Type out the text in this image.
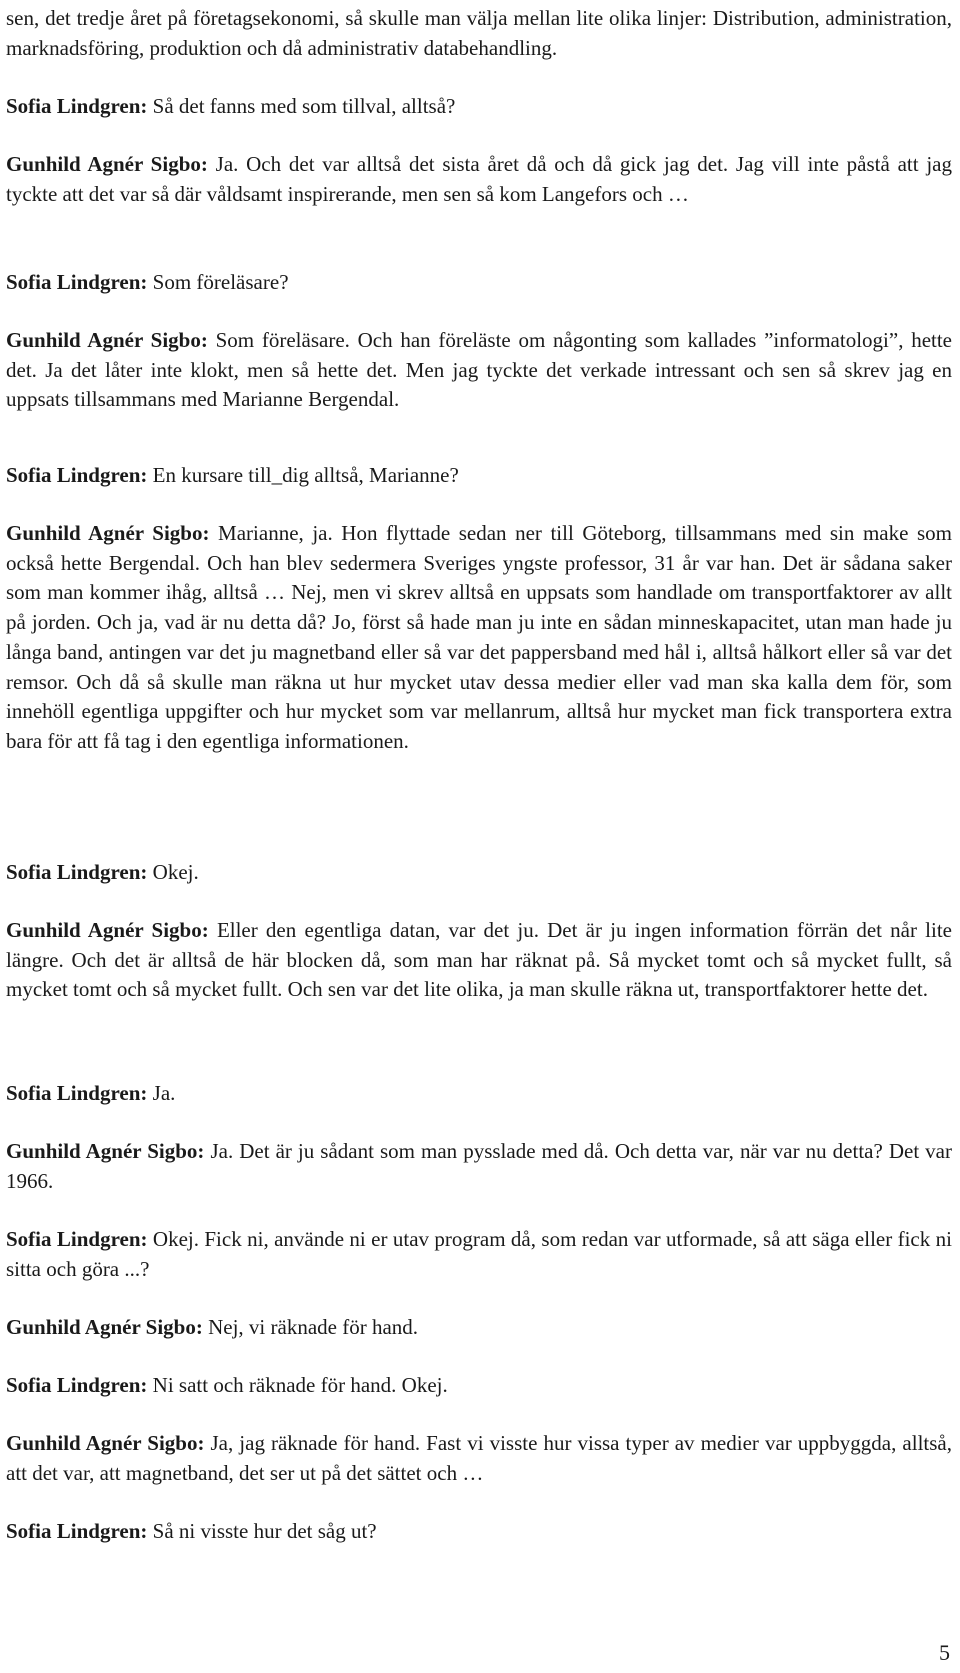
sen, det tredje året på företagsekonomi, så skulle man välja mellan lite olika linjer: Distribution, administration, marknadsföring, produktion och då administrativ databehandling.

Sofia Lindgren: Så det fanns med som tillval, alltså?

Gunhild Agnér Sigbo: Ja. Och det var alltså det sista året då och då gick jag det. Jag vill inte påstå att jag tyckte att det var så där våldsamt inspirerande, men sen så kom Langefors och …

Sofia Lindgren: Som föreläsare?

Gunhild Agnér Sigbo: Som föreläsare. Och han föreläste om någonting som kallades ”informatologi”, hette det. Ja det låter inte klokt, men så hette det. Men jag tyckte det verkade intressant och sen så skrev jag en uppsats tillsammans med Marianne Bergendal.

Sofia Lindgren: En kursare till_dig alltså, Marianne?

Gunhild Agnér Sigbo: Marianne, ja. Hon flyttade sedan ner till Göteborg, tillsammans med sin make som också hette Bergendal. Och han blev sedermera Sveriges yngste professor, 31 år var han. Det är sådana saker som man kommer ihåg, alltså … Nej, men vi skrev alltså en uppsats som handlade om transportfaktorer av allt på jorden. Och ja, vad är nu detta då? Jo, först så hade man ju inte en sådan minneskapacitet, utan man hade ju långa band, antingen var det ju magnetband eller så var det pappersband med hål i, alltså hålkort eller så var det remsor. Och då så skulle man räkna ut hur mycket utav dessa medier eller vad man ska kalla dem för, som innehöll egentliga uppgifter och hur mycket som var mellanrum, alltså hur mycket man fick transportera extra bara för att få tag i den egentliga informationen.

Sofia Lindgren: Okej.

Gunhild Agnér Sigbo: Eller den egentliga datan, var det ju. Det är ju ingen information förrän det når lite längre. Och det är alltså de här blocken då, som man har räknat på. Så mycket tomt och så mycket fullt, så mycket tomt och så mycket fullt. Och sen var det lite olika, ja man skulle räkna ut, transportfaktorer hette det.

Sofia Lindgren: Ja.

Gunhild Agnér Sigbo: Ja. Det är ju sådant som man pysslade med då. Och detta var, när var nu detta? Det var 1966.

Sofia Lindgren: Okej. Fick ni, använde ni er utav program då, som redan var utformade, så att säga eller fick ni sitta och göra ...?

Gunhild Agnér Sigbo: Nej, vi räknade för hand.

Sofia Lindgren: Ni satt och räknade för hand. Okej.

Gunhild Agnér Sigbo: Ja, jag räknade för hand. Fast vi visste hur vissa typer av medier var uppbyggda, alltså, att det var, att magnetband, det ser ut på det sättet och …

Sofia Lindgren: Så ni visste hur det såg ut?

5
